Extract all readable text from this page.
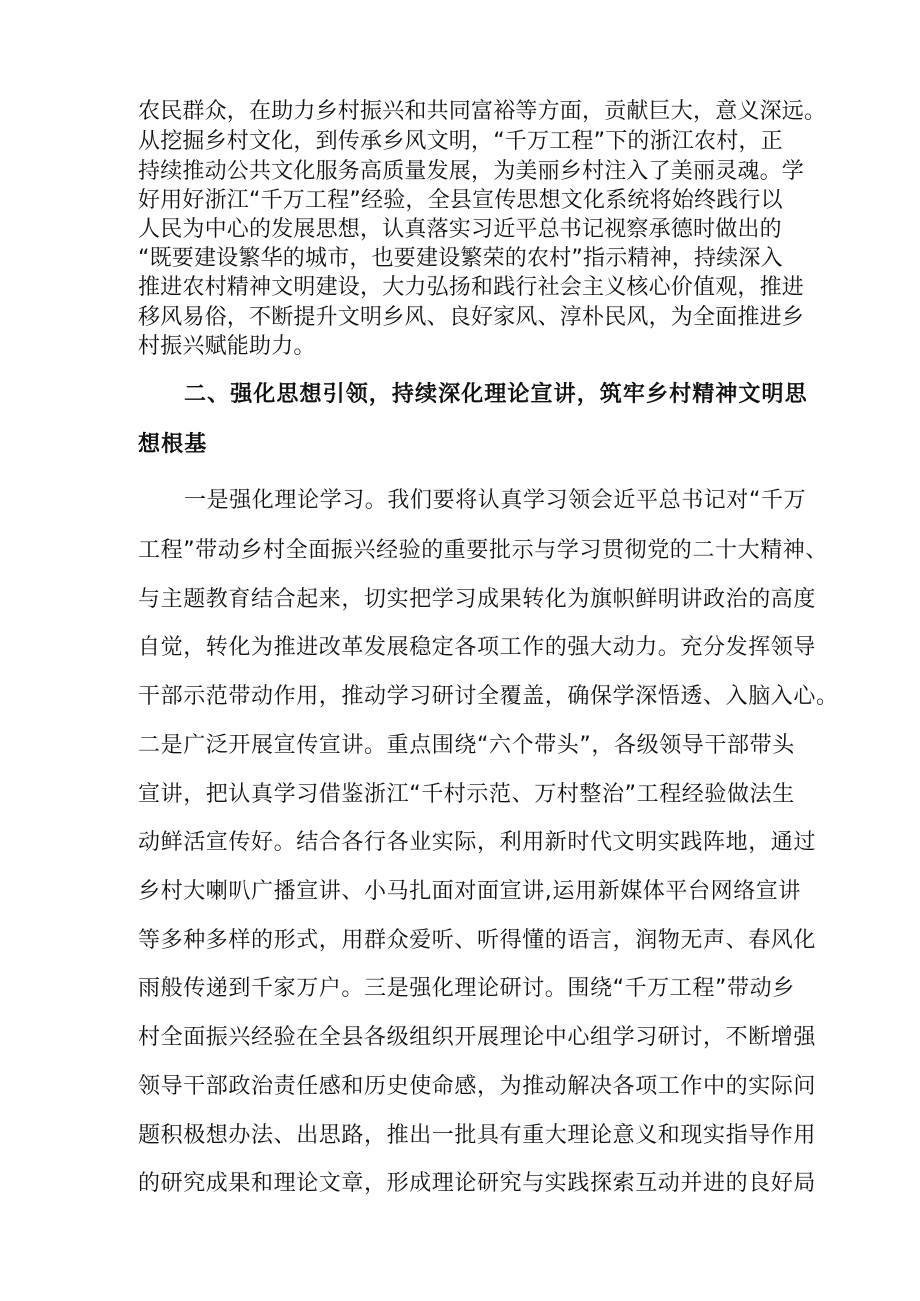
农民群众，在助力乡村振兴和共同富裕等方面，贡献巨大，意义深远。
从挖掘乡村文化，到传承乡风文明，“千万工程”下的浙江农村，正
持续推动公共文化服务高质量发展，为美丽乡村注入了美丽灵魂。学
好用好浙江“千万工程”经验，全县宣传思想文化系统将始终践行以
人民为中心的发展思想，认真落实习近平总书记视察承德时做出的
“既要建设繁华的城市，也要建设繁荣的农村”指示精神，持续深入
推进农村精神文明建设，大力弘扬和践行社会主义核心价值观，推进
移风易俗，不断提升文明乡风、良好家风、淳朴民风，为全面推进乡
村振兴赋能助力。
二、强化思想引领，持续深化理论宣讲，筑牢乡村精神文明思
想根基
一是强化理论学习。我们要将认真学习领会近平总书记对“千万
工程”带动乡村全面振兴经验的重要批示与学习贯彻党的二十大精神、
与主题教育结合起来，切实把学习成果转化为旗帜鲜明讲政治的高度
自觉，转化为推进改革发展稳定各项工作的强大动力。充分发挥领导
干部示范带动作用，推动学习研讨全覆盖，确保学深悟透、入脑入心。
二是广泛开展宣传宣讲。重点围绕“六个带头”，各级领导干部带头
宣讲，把认真学习借鉴浙江“千村示范、万村整治”工程经验做法生
动鲜活宣传好。结合各行各业实际，利用新时代文明实践阵地，通过
乡村大喇叭广播宣讲、小马扎面对面宣讲,运用新媒体平台网络宣讲
等多种多样的形式，用群众爱听、听得懂的语言，润物无声、春风化
雨般传递到千家万户。三是强化理论研讨。围绕“千万工程”带动乡
村全面振兴经验在全县各级组织开展理论中心组学习研讨，不断增强
领导干部政治责任感和历史使命感，为推动解决各项工作中的实际问
题积极想办法、出思路，推出一批具有重大理论意义和现实指导作用
的研究成果和理论文章，形成理论研究与实践探索互动并进的良好局
